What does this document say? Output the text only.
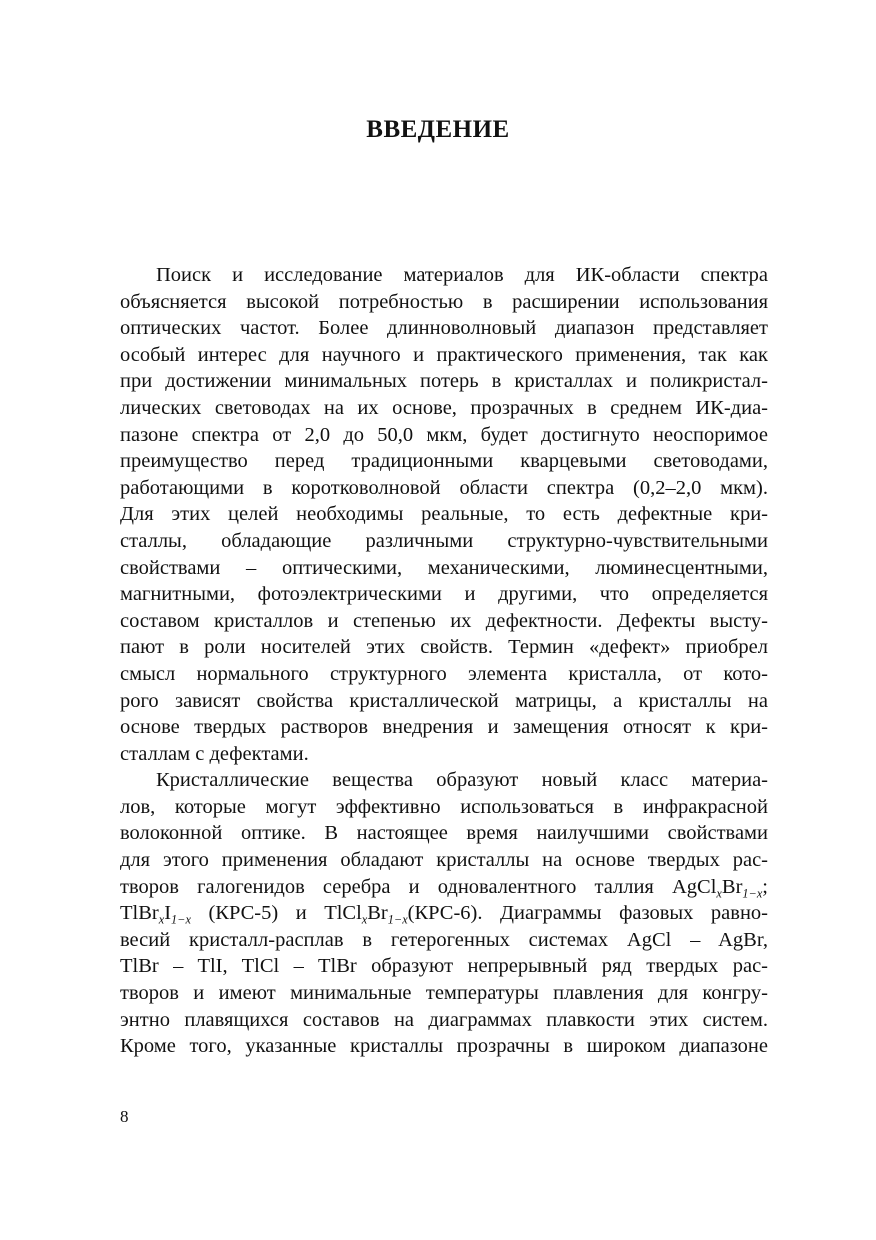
ВВЕДЕНИЕ
Поиск и исследование материалов для ИК-области спектра
объясняется высокой потребностью в расширении использования
оптических частот. Более длинноволновый диапазон представляет
особый интерес для научного и практического применения, так как
при достижении минимальных потерь в кристаллах и поликристал-
лических световодах на их основе, прозрачных в среднем ИК-диа-
пазоне спектра от 2,0 до 50,0 мкм, будет достигнуто неоспоримое
преимущество перед традиционными кварцевыми световодами,
работающими в коротковолновой области спектра (0,2–2,0 мкм).
Для этих целей необходимы реальные, то есть дефектные кри-
сталлы, обладающие различными структурно-чувствительными
свойствами – оптическими, механическими, люминесцентными,
магнитными, фотоэлектрическими и другими, что определяется
составом кристаллов и степенью их дефектности. Дефекты высту-
пают в роли носителей этих свойств. Термин «дефект» приобрел
смысл нормального структурного элемента кристалла, от кото-
рого зависят свойства кристаллической матрицы, а кристаллы на
основе твердых растворов внедрения и замещения относят к кри-
сталлам с дефектами.
Кристаллические вещества образуют новый класс материа-
лов, которые могут эффективно использоваться в инфракрасной
волоконной оптике. В настоящее время наилучшими свойствами
для этого применения обладают кристаллы на основе твердых рас-
творов галогенидов серебра и одновалентного таллия $AgCl_xBr_{1-x}$;
$TlBr_xI_{1-x}$ (КРС-5) и $TlCl_xBr_{1-x}(КРС-6)$. Диаграммы фазовых равно-
весий кристалл-расплав в гетерогенных системах AgCl – AgBr,
TlBr – TlI, TlCl – TlBr образуют непрерывный ряд твердых рас-
творов и имеют минимальные температуры плавления для конгру-
энтно плавящихся составов на диаграммах плавкости этих систем.
Кроме того, указанные кристаллы прозрачны в широком диапазоне
8
